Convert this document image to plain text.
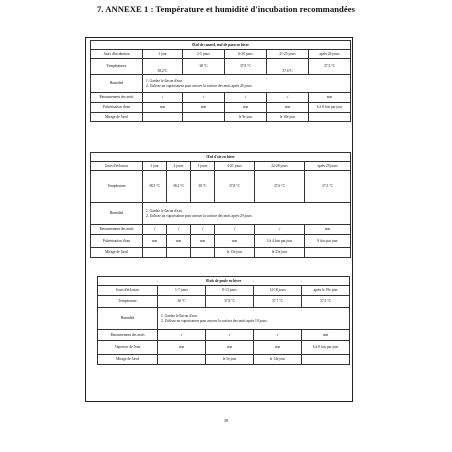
7. ANNEXE 1 : Température et humidité d'incubation recommandées
Œuf de canard, œuf de paon en hiver					
Jours d'incubation	1 jour	2-5 jours	6-20 jours	21-25 jours	après 26 jours
Températures	38,2°C	38 °C	37,8 °C	37,6°C	37,5 °C
Humidité	1. Gardez le flacon d'eau.
2. Utilisez un vaporisateur pour arroser la surface des œufs après 26 jours.				

Retournement des œufs	√	√	√	√	non
Pulvérisation d'eau	non	non	non	non	6 à 8 fois par jour
Mirage de l'œuf			le 9e jour	le 18e jour	
Œuf d'oie en hiver						
Jours d'éclosion	1 jour	2 jours	3 jours	4-21 jours	22-28 jours	après 29 jours
Température	38,5 °C	38,2 °C	38 °C	37,8 °C	37,6 °C	37,3 °C
Humidité	1. Gardez le flacon d'eau.
2. Utilisez un vaporisateur pour arroser la surface des œufs après 29 jours.					

Retournement des œufs	√	√	√	√	√	non
Pulvérisation d'eau	non	non	non	non	3 à 4 fois par jour	8 fois par jour
Mirage de l'œuf				le 13e jour	le 23e jour	
Œufs de poule en hiver				
Jours d'éclosion	1-7 jours	8-13 jours	14-18 jours	après le 19e jour
Température	38 °C	37,8 °C	37,7 °C	37,5 °C
Humidité	1. Gardez le flacon d'eau.
2. Utilisez un vaporisateur pour arroser la surface des œufs après 19 jours.			

Retournement des œufs	√	√	√	non
Vaporiser de l'eau	non	non	non	6 à 8 fois par jour
Mirage de l'œuf		le 5e jour	le 14e jour	
30
